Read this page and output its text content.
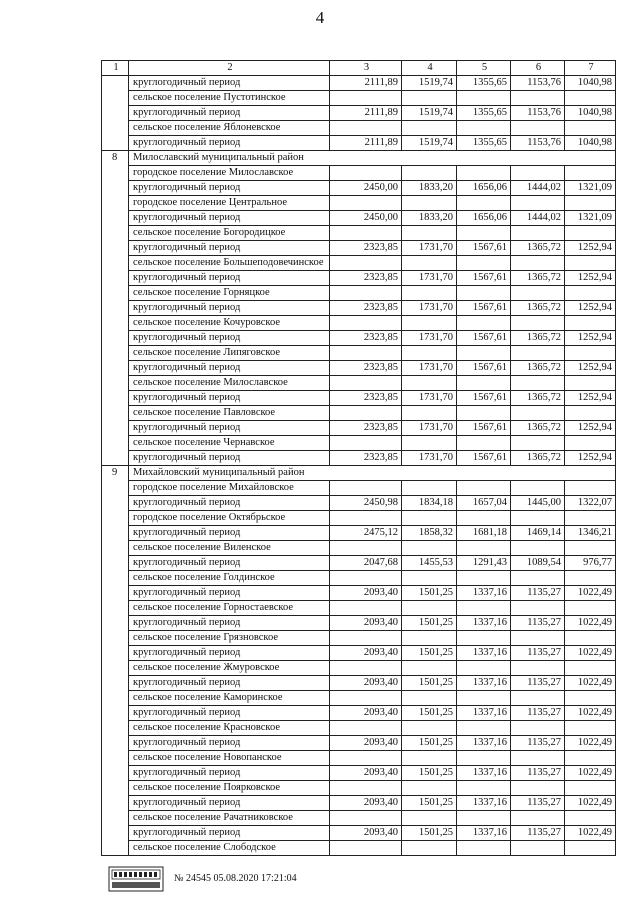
4
1	2	3	4	5	6	7
	круглогодичный период	2111,89	1519,74	1355,65	1153,76	1040,98
	сельское поселение Пустотинское					
	круглогодичный период	2111,89	1519,74	1355,65	1153,76	1040,98
	сельское поселение Яблоневское					
	круглогодичный период	2111,89	1519,74	1355,65	1153,76	1040,98
8	Милославский муниципальный район					
	городское поселение Милославское					
	круглогодичный период	2450,00	1833,20	1656,06	1444,02	1321,09
	городское поселение Центральное					
	круглогодичный период	2450,00	1833,20	1656,06	1444,02	1321,09
	сельское поселение Богородицкое					
	круглогодичный период	2323,85	1731,70	1567,61	1365,72	1252,94
	сельское поселение Большеподовечинское					
	круглогодичный период	2323,85	1731,70	1567,61	1365,72	1252,94
	сельское поселение Горняцкое					
	круглогодичный период	2323,85	1731,70	1567,61	1365,72	1252,94
	сельское поселение Кочуровское					
	круглогодичный период	2323,85	1731,70	1567,61	1365,72	1252,94
	сельское поселение Липяговское					
	круглогодичный период	2323,85	1731,70	1567,61	1365,72	1252,94
	сельское поселение Милославское					
	круглогодичный период	2323,85	1731,70	1567,61	1365,72	1252,94
	сельское поселение Павловское					
	круглогодичный период	2323,85	1731,70	1567,61	1365,72	1252,94
	сельское поселение Чернавское					
	круглогодичный период	2323,85	1731,70	1567,61	1365,72	1252,94
9	Михайловский муниципальный район					
	городское поселение Михайловское					
	круглогодичный период	2450,98	1834,18	1657,04	1445,00	1322,07
	городское поселение Октябрьское					
	круглогодичный период	2475,12	1858,32	1681,18	1469,14	1346,21
	сельское поселение Виленское					
	круглогодичный период	2047,68	1455,53	1291,43	1089,54	976,77
	сельское поселение Голдинское					
	круглогодичный период	2093,40	1501,25	1337,16	1135,27	1022,49
	сельское поселение Горностаевское					
	круглогодичный период	2093,40	1501,25	1337,16	1135,27	1022,49
	сельское поселение Грязновское					
	круглогодичный период	2093,40	1501,25	1337,16	1135,27	1022,49
	сельское поселение Жмуровское					
	круглогодичный период	2093,40	1501,25	1337,16	1135,27	1022,49
	сельское поселение Каморинское					
	круглогодичный период	2093,40	1501,25	1337,16	1135,27	1022,49
	сельское поселение Красновское					
	круглогодичный период	2093,40	1501,25	1337,16	1135,27	1022,49
	сельское поселение Новопанское					
	круглогодичный период	2093,40	1501,25	1337,16	1135,27	1022,49
	сельское поселение Поярковское					
	круглогодичный период	2093,40	1501,25	1337,16	1135,27	1022,49
	сельское поселение Рачатниковское					
	круглогодичный период	2093,40	1501,25	1337,16	1135,27	1022,49
	сельское поселение Слободское					
№ 24545 05.08.2020 17:21:04
